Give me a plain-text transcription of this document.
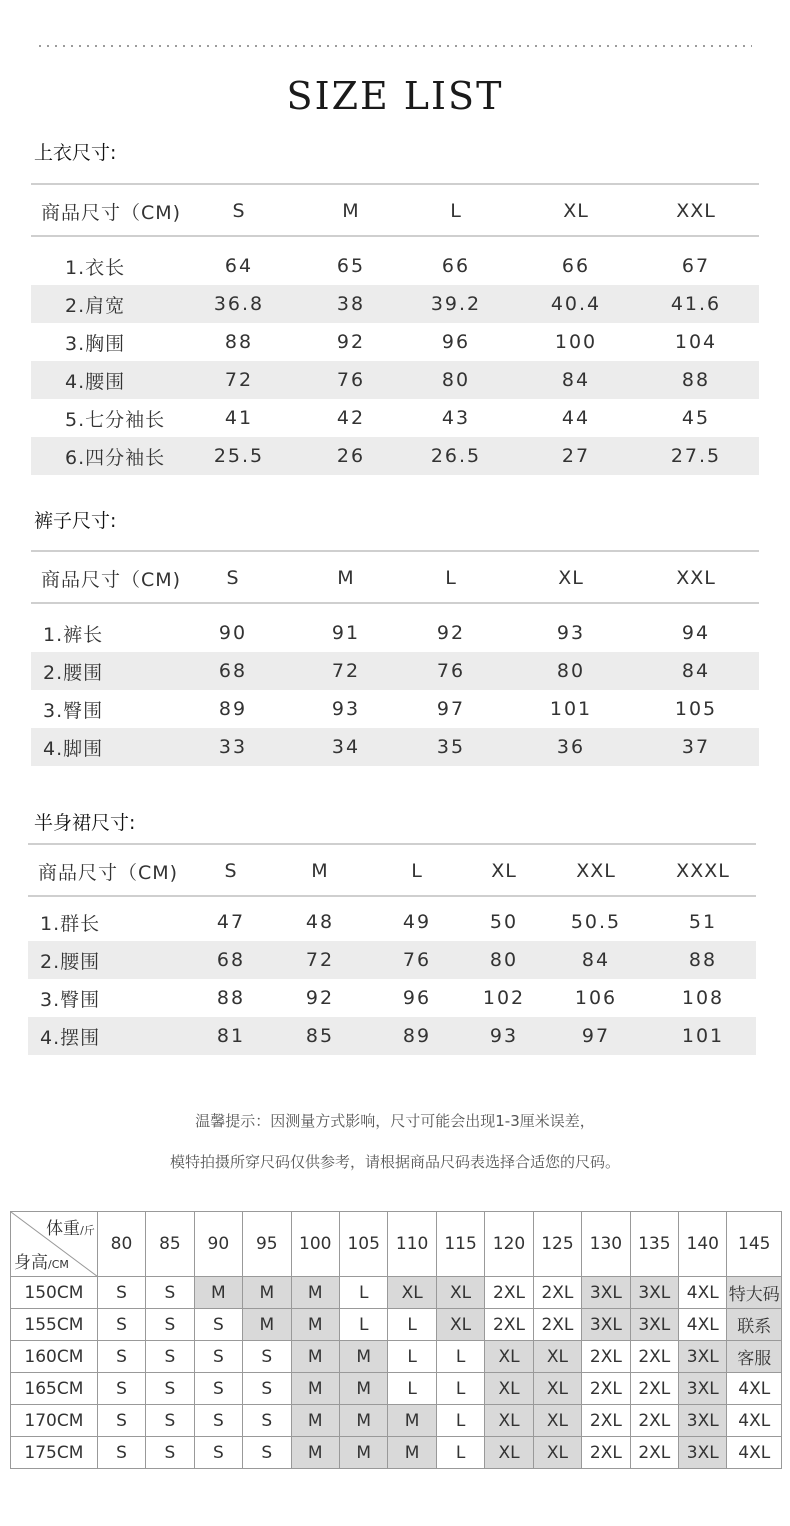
SIZE LIST
上衣尺寸:
商品尺寸（CM)	S	M	L	XL	XXL
1.衣长	64	65	66	66	67
2.肩宽	36.8	38	39.2	40.4	41.6
3.胸围	88	92	96	100	104
4.腰围	72	76	80	84	88
5.七分袖长	41	42	43	44	45
6.四分袖长	25.5	26	26.5	27	27.5
裤子尺寸:
商品尺寸（CM)	S	M	L	XL	XXL
1.裤长	90	91	92	93	94
2.腰围	68	72	76	80	84
3.臀围	89	93	97	101	105
4.脚围	33	34	35	36	37
半身裙尺寸:
商品尺寸（CM)	S	M	L	XL	XXL	XXXL
1.群长	47	48	49	50	50.5	51
2.腰围	68	72	76	80	84	88
3.臀围	88	92	96	102	106	108
4.摆围	81	85	89	93	97	101
温馨提示：因测量方式影响，尺寸可能会出现1-3厘米误差，
模特拍摄所穿尺码仅供参考，请根据商品尺码表选择合适您的尺码。
体重/斤
身高/CM	80	85	90	95	100	105	110	115	120	125	130	135	140	145
150CM	S	S	M	M	M	L	XL	XL	2XL	2XL	3XL	3XL	4XL	特大码
155CM	S	S	S	M	M	L	L	XL	2XL	2XL	3XL	3XL	4XL	联系
160CM	S	S	S	S	M	M	L	L	XL	XL	2XL	2XL	3XL	客服
165CM	S	S	S	S	M	M	L	L	XL	XL	2XL	2XL	3XL	4XL
170CM	S	S	S	S	M	M	M	L	XL	XL	2XL	2XL	3XL	4XL
175CM	S	S	S	S	M	M	M	L	XL	XL	2XL	2XL	3XL	4XL
